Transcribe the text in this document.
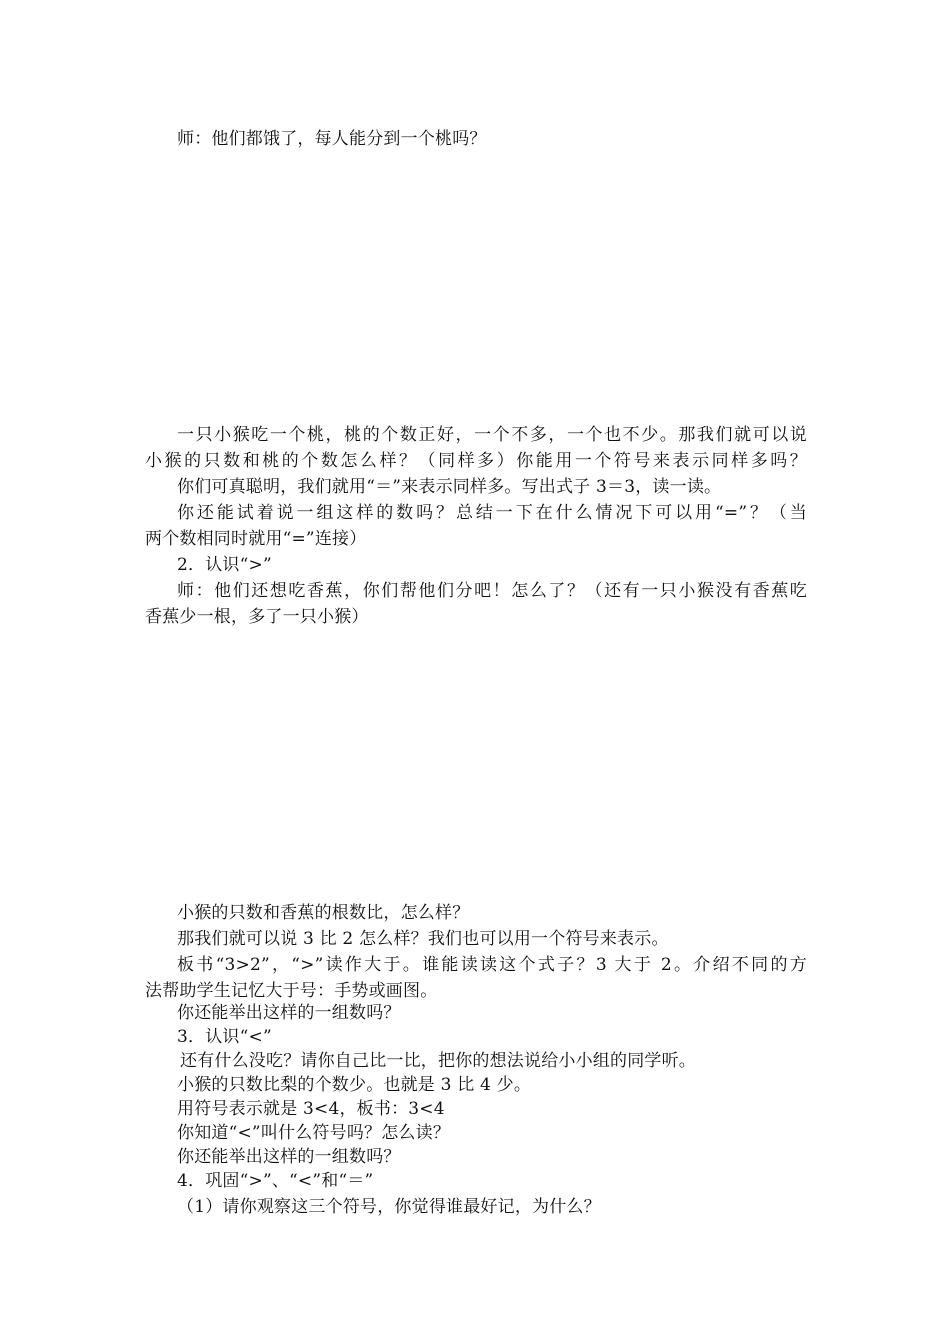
师：他们都饿了，每人能分到一个桃吗？
一只小猴吃一个桃，桃的个数正好，一个不多，一个也不少。那我们就可以说
小猴的只数和桃的个数怎么样？（同样多）你能用一个符号来表示同样多吗？
你们可真聪明，我们就用“＝”来表示同样多。写出式子 3＝3，读一读。
你还能试着说一组这样的数吗？总结一下在什么情况下可以用“=”？（当
两个数相同时就用“=”连接）
2．认识“>”
师：他们还想吃香蕉，你们帮他们分吧！怎么了？（还有一只小猴没有香蕉吃
香蕉少一根，多了一只小猴）
小猴的只数和香蕉的根数比，怎么样？
那我们就可以说 3 比 2 怎么样？我们也可以用一个符号来表示。
板书“3>2”，“>”读作大于。谁能读读这个式子？3 大于 2。介绍不同的方
法帮助学生记忆大于号：手势或画图。
你还能举出这样的一组数吗？
3．认识“<”
还有什么没吃？请你自己比一比，把你的想法说给小小组的同学听。
小猴的只数比梨的个数少。也就是 3 比 4 少。
用符号表示就是 3<4，板书：3<4
你知道“<”叫什么符号吗？怎么读？
你还能举出这样的一组数吗？
4．巩固“>”、“<”和“＝”
（1）请你观察这三个符号，你觉得谁最好记，为什么？
